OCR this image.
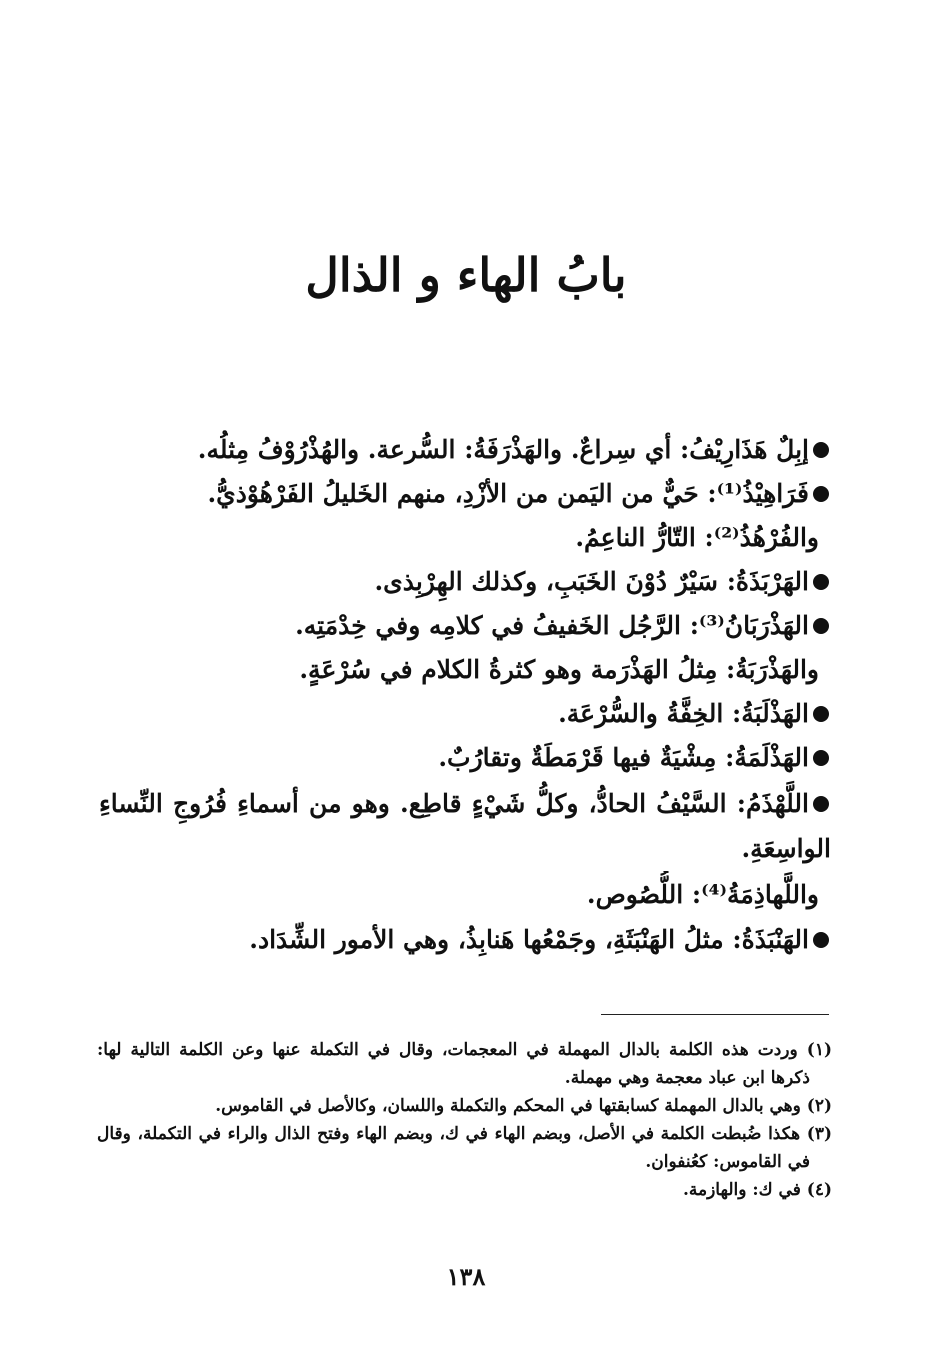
بابُ الهاء و الذال
إبِلٌ هَذَارِيْفُ: أي سِراعٌ. والهَذْرَفَةُ: السُّرعة. والهُذْرُوْفُ مِثلُه.
فَرَاهِيْذُ⁽¹⁾: حَيٌّ من اليَمن من الأزْدِ، منهم الخَليلُ الفَرْهُوْذيُّ.
والفُرْهُذُ⁽²⁾: التّارُّ الناعِمُ.
الهَرْبَذَةُ: سَيْرٌ دُوْنَ الخَبَبِ، وكذلك الهِرْبِذى.
الهَذْرَبَانُ⁽³⁾: الرَّجُل الخَفيفُ في كلامِه وفي خِدْمَتِه.
والهَذْرَبَةُ: مِثلُ الهَذْرَمة وهو كثرةُ الكلام في سُرْعَةٍ.
الهَذْلَبَةُ: الخِفَّةُ والسُّرْعَة.
الهَذْلَمَةُ: مِشْيَةٌ فيها قَرْمَطَةٌ وتقارُبٌ.
اللَّهْذَمُ: السَّيْفُ الحادُّ، وكلُّ شَيْءٍ قاطِع. وهو من أسماءِ فُرُوجِ النِّساءِ
الواسِعَةِ.
واللَّهاذِمَةُ⁽⁴⁾: اللُّصُوص.
الهَنْبَذَةُ: مثلُ الهَنْبَثَةِ، وجَمْعُها هَنابِذُ، وهي الأمور الشِّدَاد.
(١) وردت هذه الكلمة بالدال المهملة في المعجمات، وقال في التكملة عنها وعن الكلمة التالية لها:
ذكرها ابن عباد معجمة وهي مهملة.
(٢) وهي بالدال المهملة كسابقتها في المحكم والتكملة واللسان، وكالأصل في القاموس.
(٣) هكذا ضُبطت الكلمة في الأصل، وبضم الهاء في ك، وبضم الهاء وفتح الذال والراء في التكملة، وقال
في القاموس: كعُنفوان.
(٤) في ك: والهازمة.
١٣٨
